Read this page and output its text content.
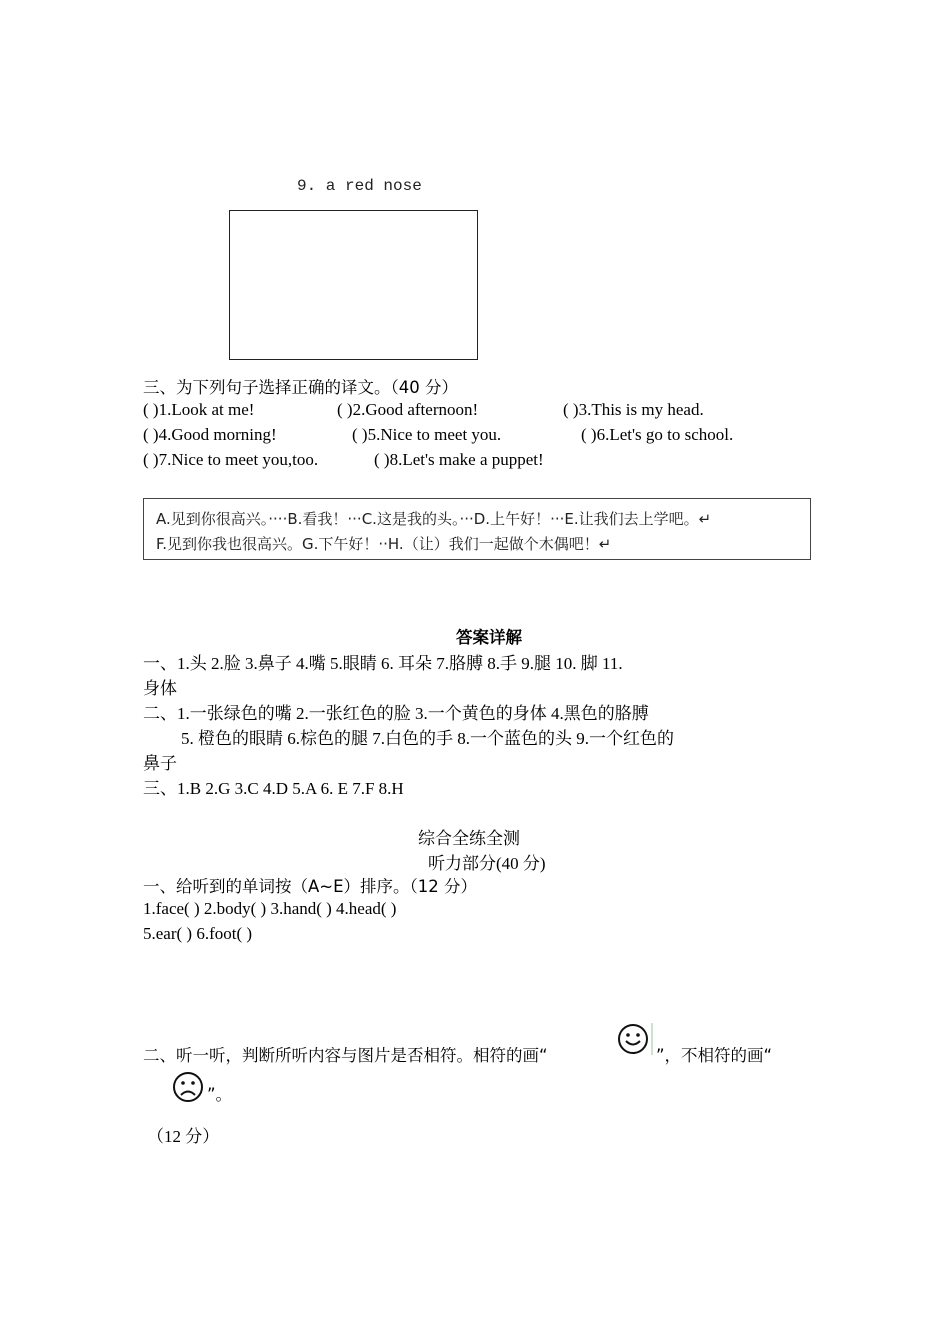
9. a red nose
三、为下列句子选择正确的译文。（40 分）
( )1.Look at me!	( )2.Good afternoon!	( )3.This is my head.
( )4.Good morning!	( )5.Nice to meet you.	( )6.Let's go to school.
( )7.Nice to meet you,too.	( )8.Let's make a puppet!
A.见到你很高兴。····B.看我！···C.这是我的头。···D.上午好！···E.让我们去上学吧。↵
F.见到你我也很高兴。G.下午好！··H.（让）我们一起做个木偶吧！↵
答案详解
一、1.头 2.脸 3.鼻子 4.嘴 5.眼睛 6. 耳朵 7.胳膊 8.手 9.腿 10. 脚 11.
身体
二、1.一张绿色的嘴 2.一张红色的脸 3.一个黄色的身体 4.黑色的胳膊
5. 橙色的眼睛 6.棕色的腿 7.白色的手 8.一个蓝色的头 9.一个红色的
鼻子
三、1.B 2.G 3.C 4.D 5.A 6. E 7.F 8.H
综合全练全测
听力部分(40 分)
一、给听到的单词按（A~E）排序。（12 分）
1.face( ) 2.body( ) 3.hand( ) 4.head( )
5.ear( ) 6.foot( )
二、听一听，判断所听内容与图片是否相符。相符的画“	”，不相符的画“
”。
（12 分）
